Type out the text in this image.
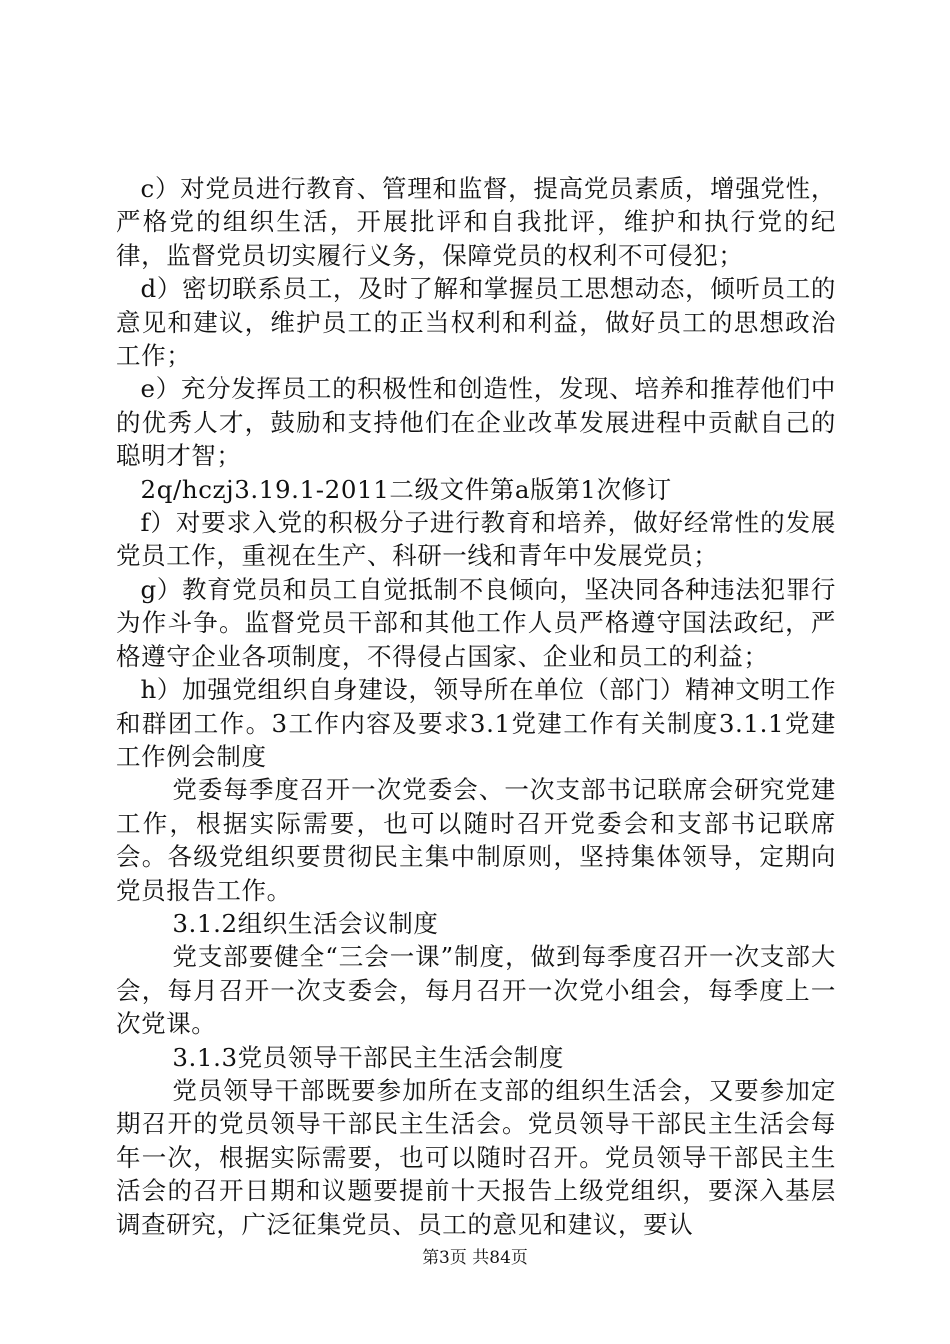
c）对党员进行教育、管理和监督，提高党员素质，增强党性，严格党的组织生活，开展批评和自我批评，维护和执行党的纪律，监督党员切实履行义务，保障党员的权利不可侵犯；

d）密切联系员工，及时了解和掌握员工思想动态，倾听员工的意见和建议，维护员工的正当权利和利益，做好员工的思想政治工作；

e）充分发挥员工的积极性和创造性，发现、培养和推荐他们中的优秀人才，鼓励和支持他们在企业改革发展进程中贡献自己的聪明才智；

2q/hczj3.19.1-2011二级文件第a版第1次修订

f）对要求入党的积极分子进行教育和培养，做好经常性的发展党员工作，重视在生产、科研一线和青年中发展党员；

g）教育党员和员工自觉抵制不良倾向，坚决同各种违法犯罪行为作斗争。监督党员干部和其他工作人员严格遵守国法政纪，严格遵守企业各项制度，不得侵占国家、企业和员工的利益；

h）加强党组织自身建设，领导所在单位（部门）精神文明工作和群团工作。3工作内容及要求3.1党建工作有关制度3.1.1党建工作例会制度

党委每季度召开一次党委会、一次支部书记联席会研究党建工作，根据实际需要，也可以随时召开党委会和支部书记联席会。各级党组织要贯彻民主集中制原则，坚持集体领导，定期向党员报告工作。

3.1.2组织生活会议制度

党支部要健全“三会一课”制度，做到每季度召开一次支部大会，每月召开一次支委会，每月召开一次党小组会，每季度上一次党课。

3.1.3党员领导干部民主生活会制度

党员领导干部既要参加所在支部的组织生活会，又要参加定期召开的党员领导干部民主生活会。党员领导干部民主生活会每年一次，根据实际需要，也可以随时召开。党员领导干部民主生活会的召开日期和议题要提前十天报告上级党组织，要深入基层调查研究，广泛征集党员、员工的意见和建议，要认

第3页 共84页
